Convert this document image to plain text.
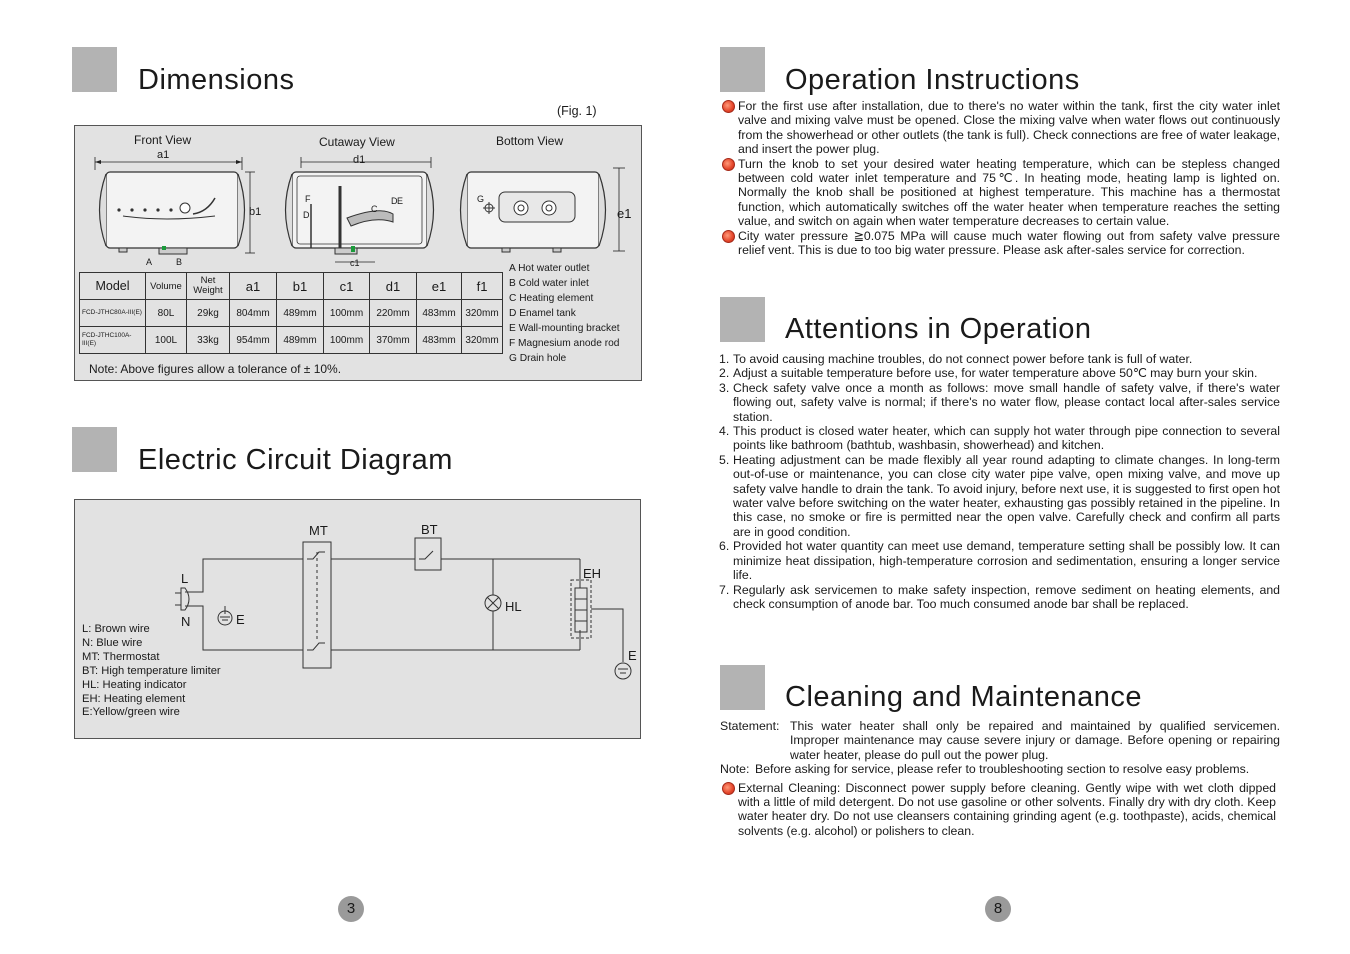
Dimensions
(Fig. 1)
Front View	Cutaway View	Bottom View
a1
b1
d1
c1
e1
A	B
F
D
C
D E	G
Model	Volume	Net Weight	a1	b1	c1	d1	e1	f1
FCD-JTHC80A-III(E)	80L	29kg	804mm	489mm	100mm	220mm	483mm	320mm
FCD-JTHC100A-III(E)	100L	33kg	954mm	489mm	100mm	370mm	483mm	320mm
A Hot water outlet
B Cold water inlet
C Heating element
D Enamel tank
E Wall-mounting bracket
F Magnesium anode rod
G Drain hole
Note: Above figures allow a tolerance of ± 10%.
Electric Circuit Diagram
MT	BT
EH
HL
L
N	E
E
L: Brown wire
N: Blue wire
MT: Thermostat
BT: High temperature limiter
HL: Heating indicator
EH: Heating element
E:Yellow/green wire
3
Operation Instructions
For the first use after installation, due to there's no water within the tank, first the city water inlet valve and mixing valve must be opened. Close the mixing valve when water flows out continuously from the showerhead or other outlets (the tank is full). Check connections are free of water leakage, and insert the power plug.
Turn the knob to set your desired water heating temperature, which can be stepless changed between cold water inlet temperature and 75℃. In heating mode, heating lamp is lighted on. Normally the knob shall be positioned at highest temperature. This machine has a thermostat function, which automatically switches off the water heater when temperature reaches the setting value, and switch on again when water temperature decreases to certain value.
City water pressure ≧0.075 MPa will cause much water flowing out from safety valve pressure relief vent. This is due to too big water pressure. Please ask after-sales service for correction.
Attentions in Operation
1. To avoid causing machine troubles, do not connect power before tank is full of water.
2. Adjust a suitable temperature before use, for water temperature above 50℃ may burn your skin.
3. Check safety valve once a month as follows: move small handle of safety valve, if there's water flowing out, safety valve is normal; if there's no water flow, please contact local after-sales service station.
4. This product is closed water heater, which can supply hot water through pipe connection to several points like bathroom (bathtub, washbasin, showerhead) and kitchen.
5. Heating adjustment can be made flexibly all year round adapting to climate changes. In long-term out-of-use or maintenance, you can close city water pipe valve, open mixing valve, and move up safety valve handle to drain the tank. To avoid injury, before next use, it is suggested to first open hot water valve before switching on the water heater, exhausting gas possibly retained in the pipeline. In this case, no smoke or fire is permitted near the open valve. Carefully check and confirm all parts are in good condition.
6. Provided hot water quantity can meet use demand, temperature setting shall be possibly low. It can minimize heat dissipation, high-temperature corrosion and sedimentation, ensuring a longer service life.
7. Regularly ask servicemen to make safety inspection, remove sediment on heating elements, and check consumption of anode bar. Too much consumed anode bar shall be replaced.
Cleaning and Maintenance
Statement: This water heater shall only be repaired and maintained by qualified servicemen. Improper maintenance may cause severe injury or damage. Before opening or repairing water heater, please do pull out the power plug.
Note: Before asking for service, please refer to troubleshooting section to resolve easy problems.
External Cleaning: Disconnect power supply before cleaning. Gently wipe with wet cloth dipped with a little of mild detergent. Do not use gasoline or other solvents. Finally dry with dry cloth. Keep water heater dry. Do not use cleansers containing grinding agent (e.g. toothpaste), acids, chemical solvents (e.g. alcohol) or polishers to clean.
8
